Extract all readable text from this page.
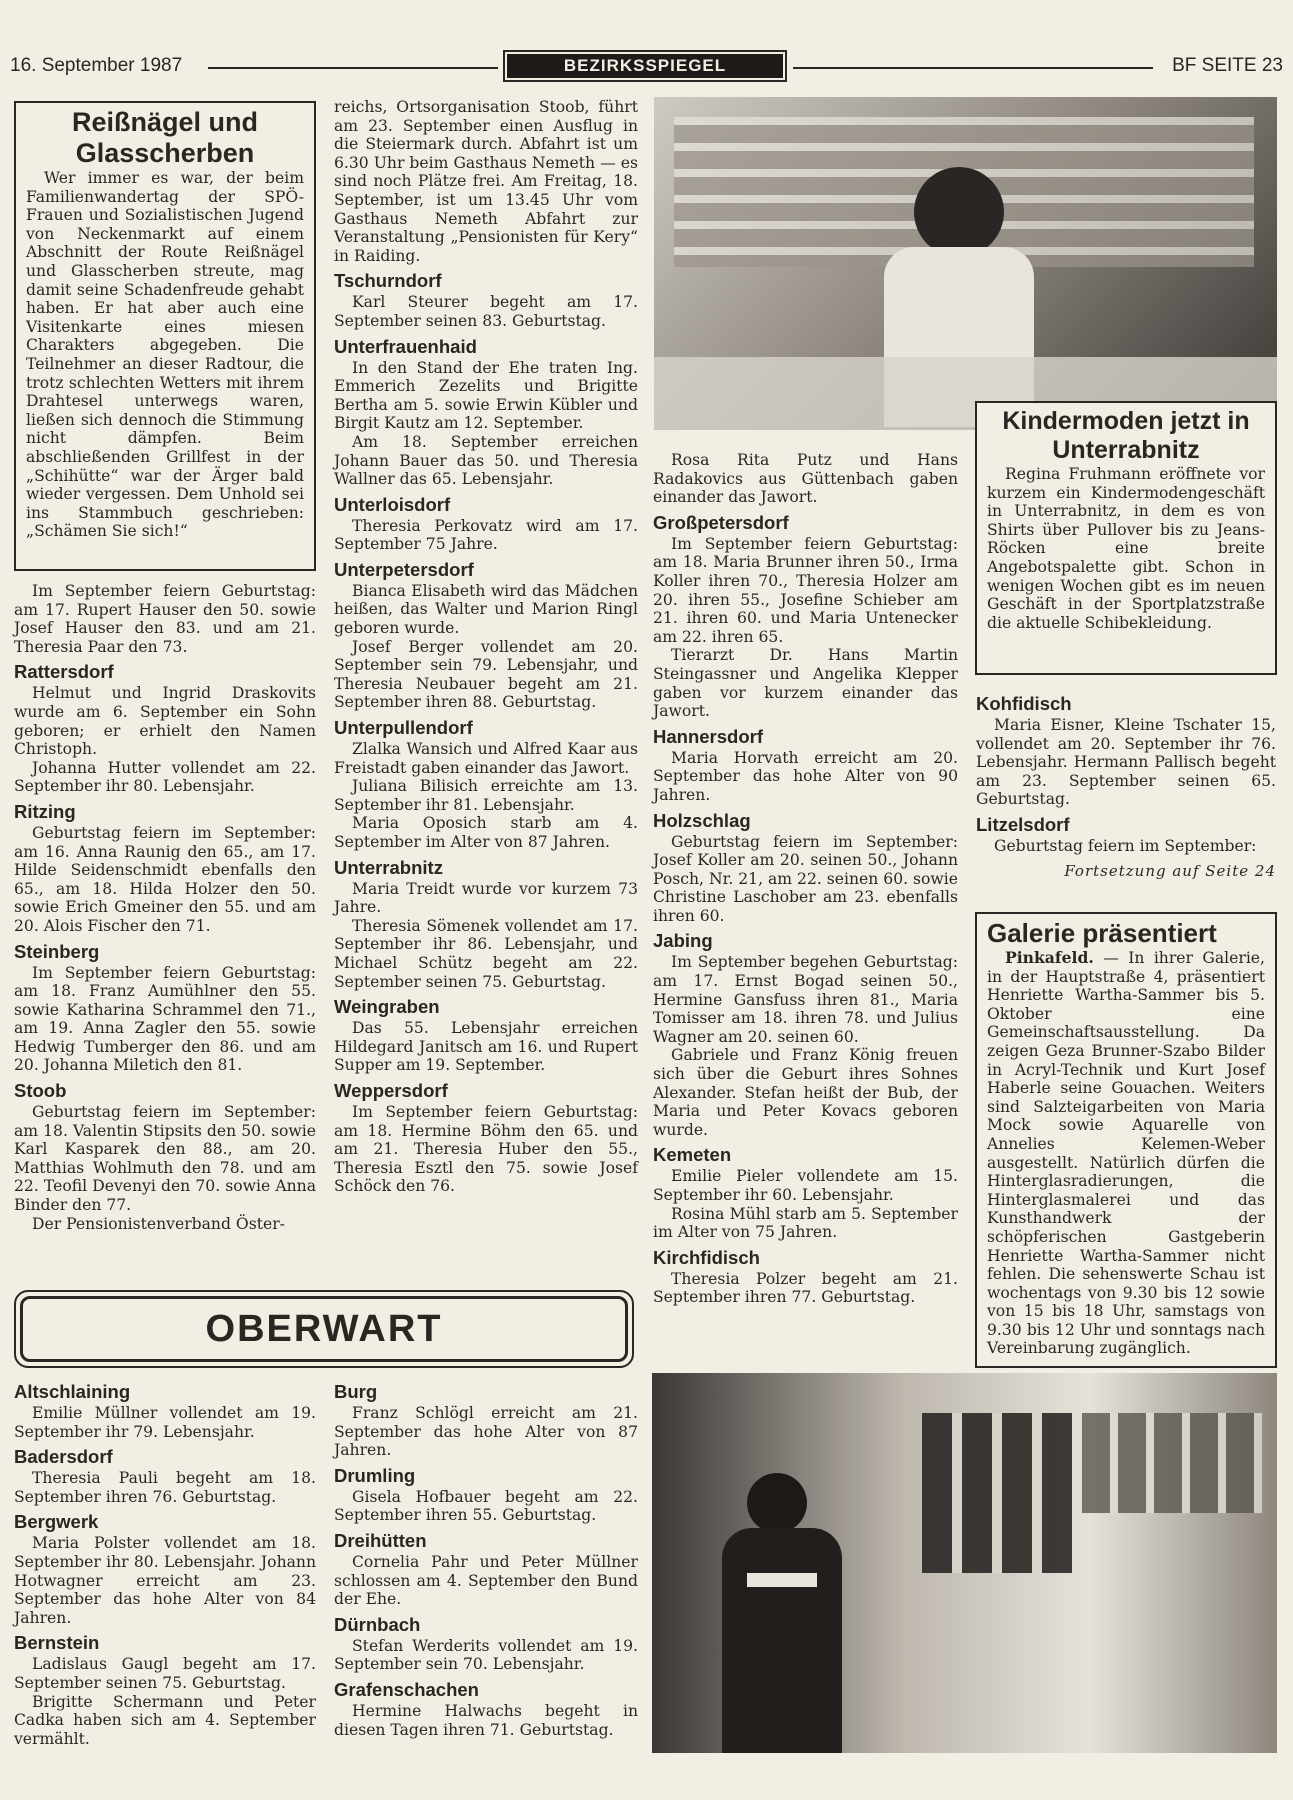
16. September 1987	BEZIRKSSPIEGEL	BF SEITE 23
Reißnägel und Glasscherben

Wer immer es war, der beim Familienwandertag der SPÖ-Frauen und Sozialistischen Jugend von Neckenmarkt auf einem Abschnitt der Route Reißnägel und Glasscherben streute, mag damit seine Schadenfreude gehabt haben. Er hat aber auch eine Visitenkarte eines miesen Charakters abgegeben. Die Teilnehmer an dieser Radtour, die trotz schlechten Wetters mit ihrem Drahtesel unterwegs waren, ließen sich dennoch die Stimmung nicht dämpfen. Beim abschließenden Grillfest in der „Schihütte“ war der Ärger bald wieder vergessen. Dem Unhold sei ins Stammbuch geschrieben: „Schämen Sie sich!“

Im September feiern Geburtstag: am 17. Rupert Hauser den 50. sowie Josef Hauser den 83. und am 21. Theresia Paar den 73.

Rattersdorf

Helmut und Ingrid Draskovits wurde am 6. September ein Sohn geboren; er erhielt den Namen Christoph.

Johanna Hutter vollendet am 22. September ihr 80. Lebensjahr.

Ritzing

Geburtstag feiern im September: am 16. Anna Raunig den 65., am 17. Hilde Seidenschmidt ebenfalls den 65., am 18. Hilda Holzer den 50. sowie Erich Gmeiner den 55. und am 20. Alois Fischer den 71.

Steinberg

Im September feiern Geburtstag: am 18. Franz Aumühlner den 55. sowie Katharina Schrammel den 71., am 19. Anna Zagler den 55. sowie Hedwig Tumberger den 86. und am 20. Johanna Miletich den 81.

Stoob

Geburtstag feiern im September: am 18. Valentin Stipsits den 50. sowie Karl Kasparek den 88., am 20. Matthias Wohlmuth den 78. und am 22. Teofil Devenyi den 70. sowie Anna Binder den 77.

Der Pensionistenverband Öster-

reichs, Ortsorganisation Stoob, führt am 23. September einen Ausflug in die Steiermark durch. Abfahrt ist um 6.30 Uhr beim Gasthaus Nemeth — es sind noch Plätze frei. Am Freitag, 18. September, ist um 13.45 Uhr vom Gasthaus Nemeth Abfahrt zur Veranstaltung „Pensionisten für Kery“ in Raiding.

Tschurndorf

Karl Steurer begeht am 17. September seinen 83. Geburtstag.

Unterfrauenhaid

In den Stand der Ehe traten Ing. Emmerich Zezelits und Brigitte Bertha am 5. sowie Erwin Kübler und Birgit Kautz am 12. September.

Am 18. September erreichen Johann Bauer das 50. und Theresia Wallner das 65. Lebensjahr.

Unterloisdorf

Theresia Perkovatz wird am 17. September 75 Jahre.

Unterpetersdorf

Bianca Elisabeth wird das Mädchen heißen, das Walter und Marion Ringl geboren wurde.

Josef Berger vollendet am 20. September sein 79. Lebensjahr, und Theresia Neubauer begeht am 21. September ihren 88. Geburtstag.

Unterpullendorf

Zlalka Wansich und Alfred Kaar aus Freistadt gaben einander das Jawort.

Juliana Bilisich erreichte am 13. September ihr 81. Lebensjahr.

Maria Oposich starb am 4. September im Alter von 87 Jahren.

Unterrabnitz

Maria Treidt wurde vor kurzem 73 Jahre.

Theresia Sömenek vollendet am 17. September ihr 86. Lebensjahr, und Michael Schütz begeht am 22. September seinen 75. Geburtstag.

Weingraben

Das 55. Lebensjahr erreichen Hildegard Janitsch am 16. und Rupert Supper am 19. September.

Weppersdorf

Im September feiern Geburtstag: am 18. Hermine Böhm den 65. und am 21. Theresia Huber den 55., Theresia Esztl den 75. sowie Josef Schöck den 76.

Kindermoden jetzt in Unterrabnitz

Regina Fruhmann eröffnete vor kurzem ein Kindermodengeschäft in Unterrabnitz, in dem es von Shirts über Pullover bis zu Jeans-Röcken eine breite Angebotspalette gibt. Schon in wenigen Wochen gibt es im neuen Geschäft in der Sportplatzstraße die aktuelle Schibekleidung.

Rosa Rita Putz und Hans Radakovics aus Güttenbach gaben einander das Jawort.

Großpetersdorf

Im September feiern Geburtstag: am 18. Maria Brunner ihren 50., Irma Koller ihren 70., Theresia Holzer am 20. ihren 55., Josefine Schieber am 21. ihren 60. und Maria Untenecker am 22. ihren 65.

Tierarzt Dr. Hans Martin Steingassner und Angelika Klepper gaben vor kurzem einander das Jawort.

Hannersdorf

Maria Horvath erreicht am 20. September das hohe Alter von 90 Jahren.

Holzschlag

Geburtstag feiern im September: Josef Koller am 20. seinen 50., Johann Posch, Nr. 21, am 22. seinen 60. sowie Christine Laschober am 23. ebenfalls ihren 60.

Jabing

Im September begehen Geburtstag: am 17. Ernst Bogad seinen 50., Hermine Gansfuss ihren 81., Maria Tomisser am 18. ihren 78. und Julius Wagner am 20. seinen 60.

Gabriele und Franz König freuen sich über die Geburt ihres Sohnes Alexander. Stefan heißt der Bub, der Maria und Peter Kovacs geboren wurde.

Kemeten

Emilie Pieler vollendete am 15. September ihr 60. Lebensjahr.

Rosina Mühl starb am 5. September im Alter von 75 Jahren.

Kirchfidisch

Theresia Polzer begeht am 21. September ihren 77. Geburtstag.

Kohfidisch

Maria Eisner, Kleine Tschater 15, vollendet am 20. September ihr 76. Lebensjahr. Hermann Pallisch begeht am 23. September seinen 65. Geburtstag.

Litzelsdorf

Geburtstag feiern im September:

Fortsetzung auf Seite 24
Galerie präsentiert

Pinkafeld. — In ihrer Galerie, in der Hauptstraße 4, präsentiert Henriette Wartha-Sammer bis 5. Oktober eine Gemeinschaftsausstellung. Da zeigen Geza Brunner-Szabo Bilder in Acryl-Technik und Kurt Josef Haberle seine Gouachen. Weiters sind Salzteigarbeiten von Maria Mock sowie Aquarelle von Annelies Kelemen-Weber ausgestellt. Natürlich dürfen die Hinterglasradierungen, die Hinterglasmalerei und das Kunsthandwerk der schöpferischen Gastgeberin Henriette Wartha-Sammer nicht fehlen. Die sehenswerte Schau ist wochentags von 9.30 bis 12 sowie von 15 bis 18 Uhr, samstags von 9.30 bis 12 Uhr und sonntags nach Vereinbarung zugänglich.

OBERWART
Altschlaining

Emilie Müllner vollendet am 19. September ihr 79. Lebensjahr.

Badersdorf

Theresia Pauli begeht am 18. September ihren 76. Geburtstag.

Bergwerk

Maria Polster vollendet am 18. September ihr 80. Lebensjahr. Johann Hotwagner erreicht am 23. September das hohe Alter von 84 Jahren.

Bernstein

Ladislaus Gaugl begeht am 17. September seinen 75. Geburtstag.

Brigitte Schermann und Peter Cadka haben sich am 4. September vermählt.

Burg

Franz Schlögl erreicht am 21. September das hohe Alter von 87 Jahren.

Drumling

Gisela Hofbauer begeht am 22. September ihren 55. Geburtstag.

Dreihütten

Cornelia Pahr und Peter Müllner schlossen am 4. September den Bund der Ehe.

Dürnbach

Stefan Werderits vollendet am 19. September sein 70. Lebensjahr.

Grafenschachen

Hermine Halwachs begeht in diesen Tagen ihren 71. Geburtstag.
